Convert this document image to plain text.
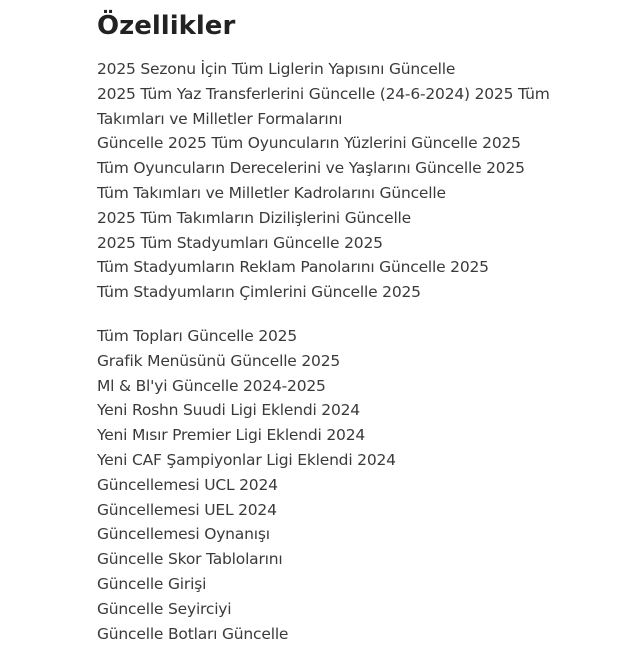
Özellikler
2025 Sezonu İçin Tüm Liglerin Yapısını Güncelle
2025 Tüm Yaz Transferlerini Güncelle (24-6-2024) 2025 Tüm
Takımları ve Milletler Formalarını
Güncelle 2025 Tüm Oyuncuların Yüzlerini Güncelle 2025
Tüm Oyuncuların Derecelerini ve Yaşlarını Güncelle 2025
Tüm Takımları ve Milletler Kadrolarını Güncelle
2025 Tüm Takımların Dizilişlerini Güncelle
2025 Tüm Stadyumları Güncelle 2025
Tüm Stadyumların Reklam Panolarını Güncelle 2025
Tüm Stadyumların Çimlerini Güncelle 2025
Tüm Topları Güncelle 2025
Grafik Menüsünü Güncelle 2025
Ml & Bl'yi Güncelle 2024-2025
Yeni Roshn Suudi Ligi Eklendi 2024
Yeni Mısır Premier Ligi Eklendi 2024
Yeni CAF Şampiyonlar Ligi Eklendi 2024
Güncellemesi UCL 2024
Güncellemesi UEL 2024
Güncellemesi Oynanışı
Güncelle Skor Tablolarını
Güncelle Girişi
Güncelle Seyirciyi
Güncelle Botları Güncelle
